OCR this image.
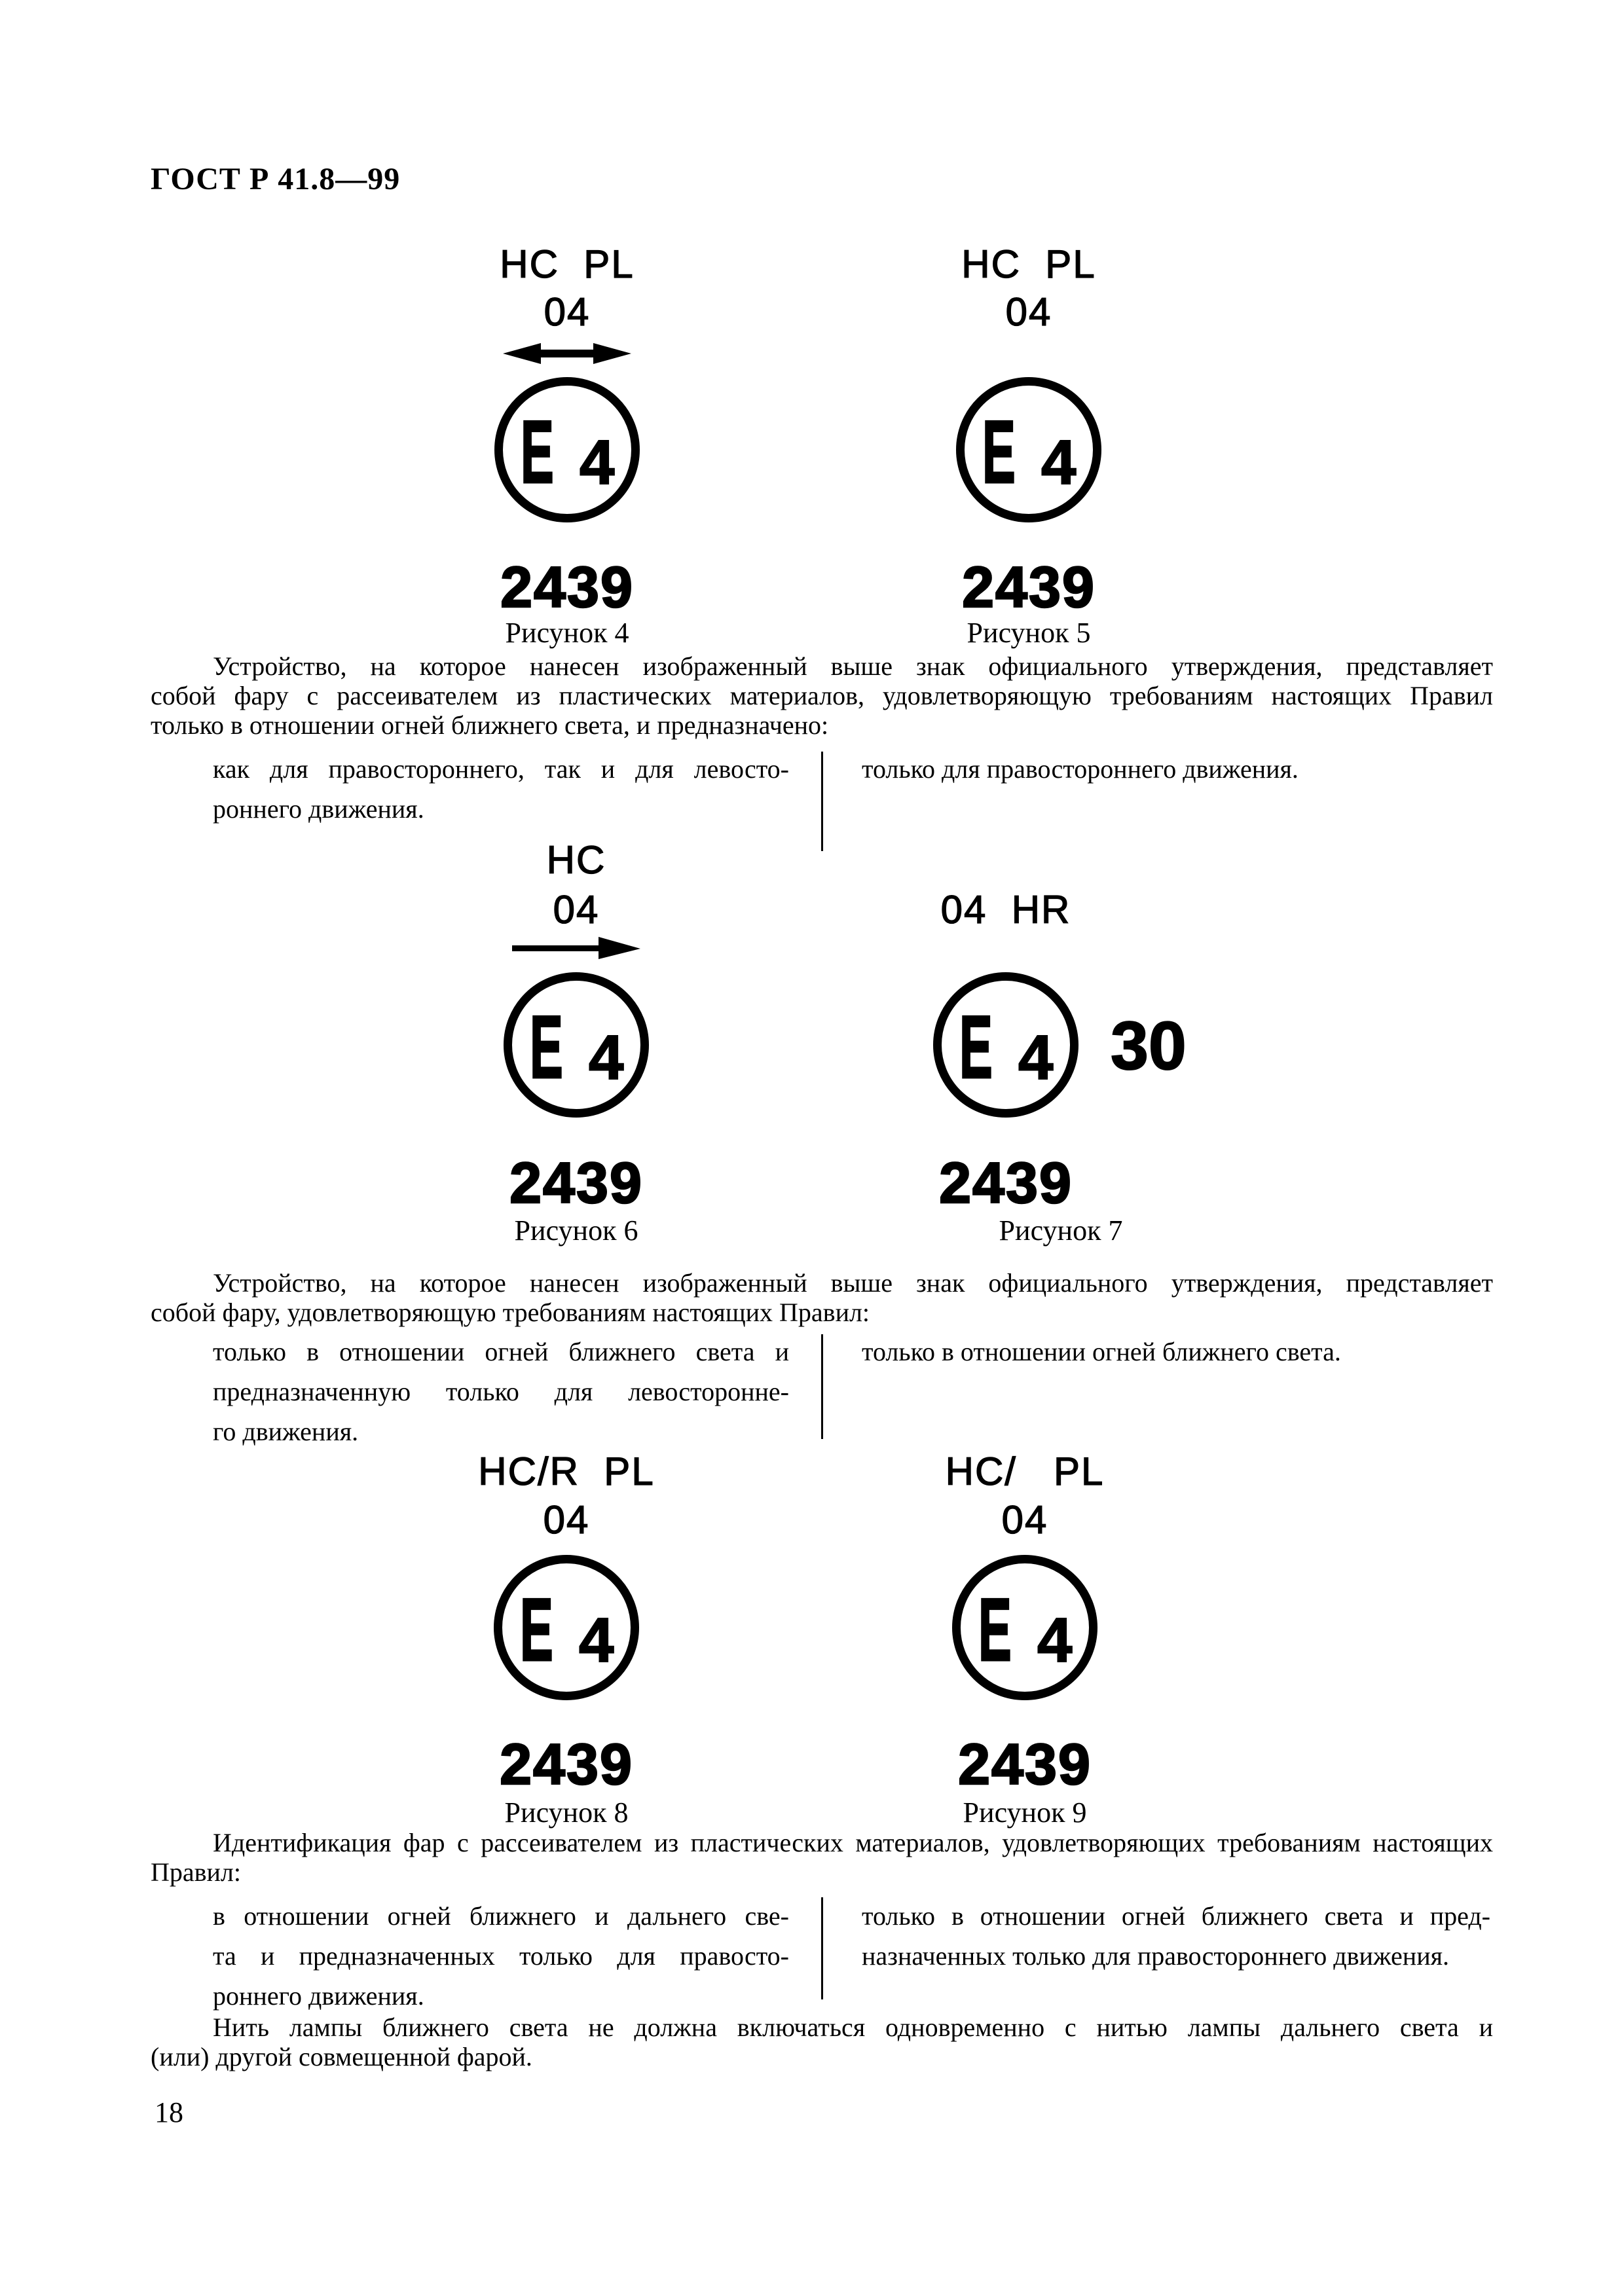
ГОСТ Р 41.8—99
HC  PL
04
E 4
2439
Рисунок 4
HC  PL
04
E 4
2439
Рисунок 5
Устройство, на которое нанесен изображенный выше знак официального утверждения, представляет
собой фару с рассеивателем из пластических материалов, удовлетворяющую требованиям настоящих Правил
только в отношении огней ближнего света, и предназначено:
как для правостороннего, так и для левосто-
роннего движения.
только для правостороннего движения.
HC
04
E 4
2439
Рисунок 6
04  HR
E 4 30
2439
Рисунок 7
Устройство, на которое нанесен изображенный выше знак официального утверждения, представляет
собой фару, удовлетворяющую требованиям настоящих Правил:
только в отношении огней ближнего света и
предназначенную только для левосторонне-
го движения.
только в отношении огней ближнего света.
HC/R  PL
04
E 4
2439
Рисунок 8
HC/   PL
04
E 4
2439
Рисунок 9
Идентификация фар с рассеивателем из пластических материалов, удовлетворяющих требованиям настоящих
Правил:
в отношении огней ближнего и дальнего све-
та и предназначенных только для правосто-
роннего движения.
только в отношении огней ближнего света и пред-
назначенных только для правостороннего движения.
Нить лампы ближнего света не должна включаться одновременно с нитью лампы дальнего света и
(или) другой совмещенной фарой.
18
